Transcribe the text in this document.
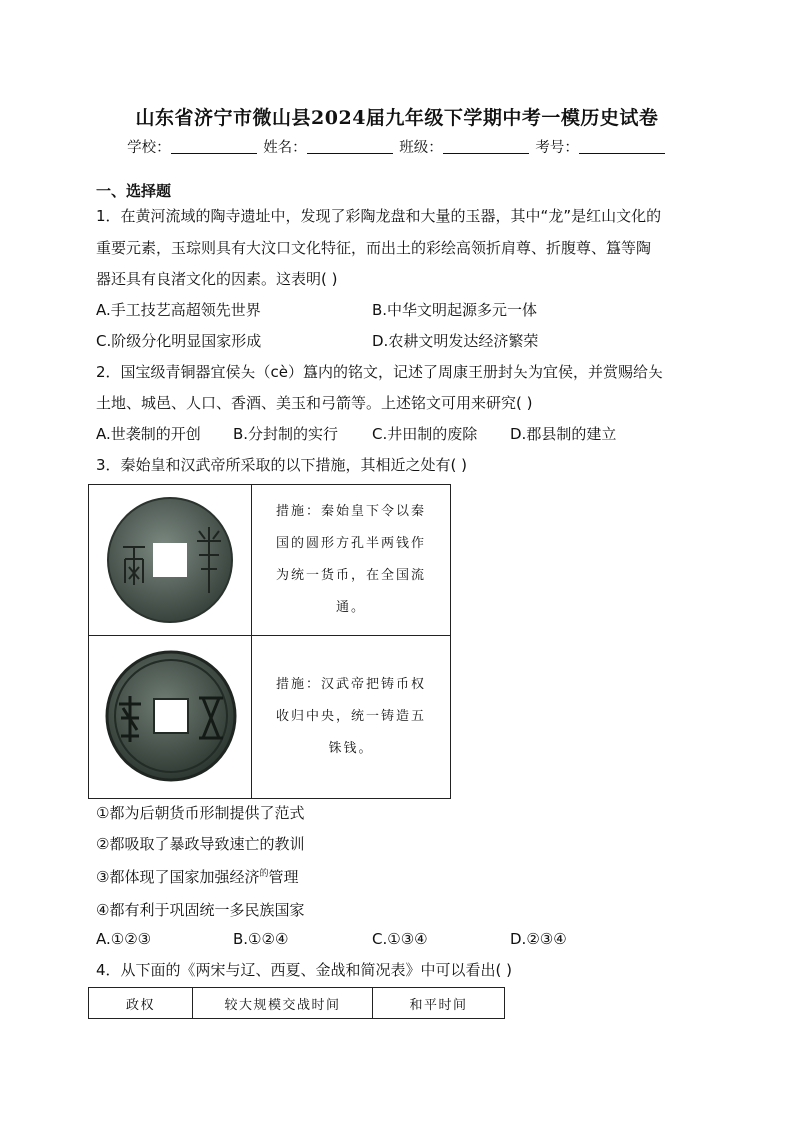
山东省济宁市微山县2024届九年级下学期中考一模历史试卷
学校：	姓名：	班级：	考号：
一、选择题
1．在黄河流域的陶寺遗址中，发现了彩陶龙盘和大量的玉器，其中“龙”是红山文化的
重要元素，玉琮则具有大汶口文化特征，而出土的彩绘高领折肩尊、折腹尊、簋等陶
器还具有良渚文化的因素。这表明( )
A.手工技艺高超领先世界	B.中华文明起源多元一体
C.阶级分化明显国家形成	D.农耕文明发达经济繁荣
2．国宝级青铜器宜侯夨（cè）簋内的铭文，记述了周康王册封夨为宜侯，并赏赐给夨
土地、城邑、人口、香酒、美玉和弓箭等。上述铭文可用来研究( )
A.世袭制的开创 B.分封制的实行 C.井田制的废除 D.郡县制的建立
3．秦始皇和汉武帝所采取的以下措施，其相近之处有( )

措施：秦始皇下令以秦
国的圆形方孔半两钱作
为统一货币，在全国流
通。

措施：汉武帝把铸币权
收归中央，统一铸造五
铢钱。
①都为后朝货币形制提供了范式
②都吸取了暴政导致速亡的教训
③都体现了国家加强经济$^的$管理
④都有利于巩固统一多民族国家
A.①②③	B.①②④	C.①③④	D.②③④
4．从下面的《两宋与辽、西夏、金战和简况表》中可以看出( )
政权	较大规模交战时间	和平时间
